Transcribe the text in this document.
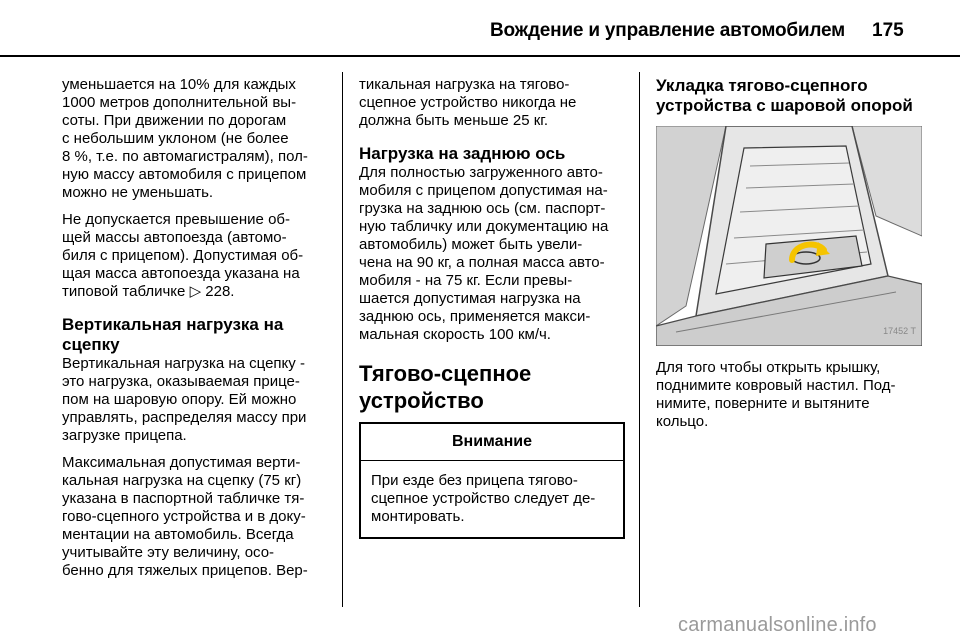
Вождение и управление автомобилем 175

уменьшается на 10% для каждых
1000 метров дополнительной вы-
соты. При движении по дорогам
с небольшим уклоном (не более
8 %, т.е. по автомагистралям), пол-
ную массу автомобиля с прицепом
можно не уменьшать.

Не допускается превышение об-
щей массы автопоезда (автомо-
биля с прицепом). Допустимая об-
щая масса автопоезда указана на
типовой табличке ▷ 228.

Вертикальная нагрузка на
сцепку

Вертикальная нагрузка на сцепку -
это нагрузка, оказываемая прице-
пом на шаровую опору. Ей можно
управлять, распределяя массу при
загрузке прицепа.

Максимальная допустимая верти-
кальная нагрузка на сцепку (75 кг)
указана в паспортной табличке тя-
гово-сцепного устройства и в доку-
ментации на автомобиль. Всегда
учитывайте эту величину, осо-
бенно для тяжелых прицепов. Вер-

тикальная нагрузка на тягово-
сцепное устройство никогда не
должна быть меньше 25 кг.

Нагрузка на заднюю ось

Для полностью загруженного авто-
мобиля с прицепом допустимая на-
грузка на заднюю ось (см. паспорт-
ную табличку или документацию на
автомобиль) может быть увели-
чена на 90 кг, а полная масса авто-
мобиля - на 75 кг. Если превы-
шается допустимая нагрузка на
заднюю ось, применяется макси-
мальная скорость 100 км/ч.

Тягово-сцепное
устройство
Внимание
При езде без прицепа тягово-
сцепное устройство следует де-
монтировать.
Укладка тягово-сцепного
устройства с шаровой опорой
17452 T

Для того чтобы открыть крышку,
поднимите ковровый настил. Под-
нимите, поверните и вытяните
кольцо.

carmanualsonline.info
